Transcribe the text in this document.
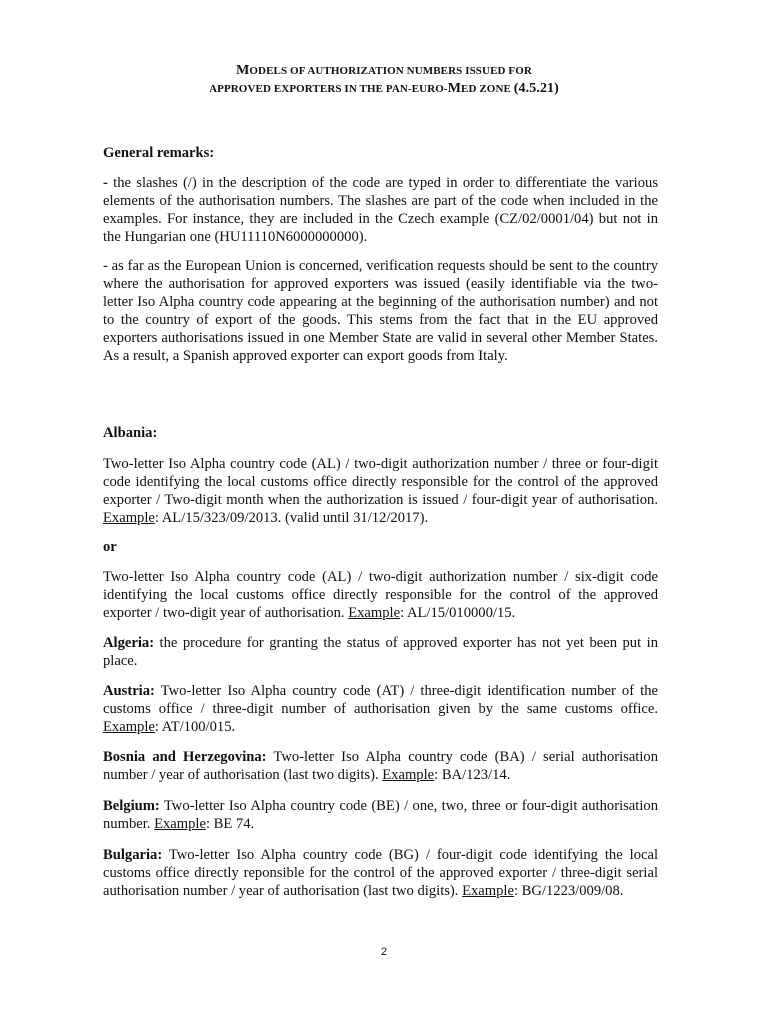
MODELS OF AUTHORIZATION NUMBERS ISSUED FOR
APPROVED EXPORTERS IN THE PAN-EURO-MED ZONE (4.5.21)

General remarks:

- the slashes (/) in the description of the code are typed in order to differentiate the various elements of the authorisation numbers. The slashes are part of the code when included in the examples. For instance, they are included in the Czech example (CZ/02/0001/04) but not in the Hungarian one (HU11110N6000000000).

- as far as the European Union is concerned, verification requests should be sent to the country where the authorisation for approved exporters was issued (easily identifiable via the two-letter Iso Alpha country code appearing at the beginning of the authorisation number) and not to the country of export of the goods. This stems from the fact that in the EU approved exporters authorisations issued in one Member State are valid in several other Member States. As a result, a Spanish approved exporter can export goods from Italy.

Albania:

Two-letter Iso Alpha country code (AL) / two-digit authorization number / three or four-digit code identifying the local customs office directly responsible for the control of the approved exporter / Two-digit month when the authorization is issued / four-digit year of authorisation. Example: AL/15/323/09/2013. (valid until 31/12/2017).

or

Two-letter Iso Alpha country code (AL) / two-digit authorization number / six-digit code identifying the local customs office directly responsible for the control of the approved exporter / two-digit year of authorisation. Example: AL/15/010000/15.

Algeria: the procedure for granting the status of approved exporter has not yet been put in place.

Austria: Two-letter Iso Alpha country code (AT) / three-digit identification number of the customs office / three-digit number of authorisation given by the same customs office. Example: AT/100/015.

Bosnia and Herzegovina: Two-letter Iso Alpha country code (BA) / serial authorisation number / year of authorisation (last two digits). Example: BA/123/14.

Belgium: Two-letter Iso Alpha country code (BE) / one, two, three or four-digit authorisation number. Example: BE 74.

Bulgaria: Two-letter Iso Alpha country code (BG) / four-digit code identifying the local customs office directly reponsible for the control of the approved exporter / three-digit serial authorisation number / year of authorisation (last two digits). Example: BG/1223/009/08.

2
